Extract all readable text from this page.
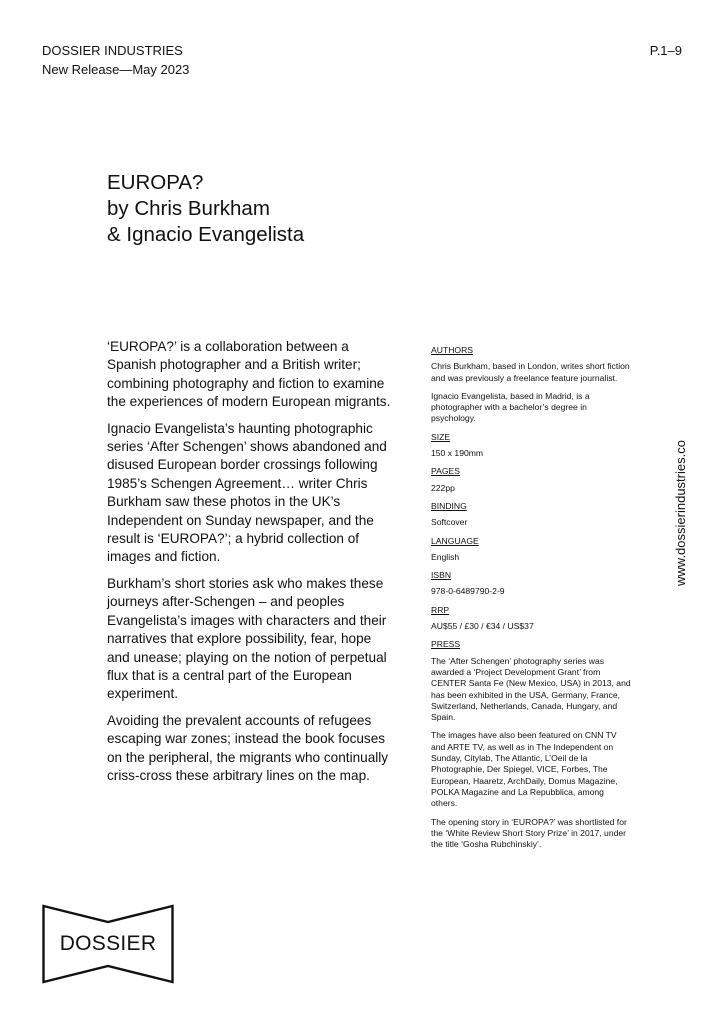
DOSSIER INDUSTRIES
New Release—May 2023
P.1–9
EUROPA?
by Chris Burkham
& Ignacio Evangelista

‘EUROPA?’ is a collaboration between a Spanish photographer and a British writer; combining photography and fiction to examine the experiences of modern European migrants.

Ignacio Evangelista’s haunting photographic series ‘After Schengen’ shows abandoned and disused European border crossings following 1985’s Schengen Agreement… writer Chris Burkham saw these photos in the UK’s Independent on Sunday newspaper, and the result is ‘EUROPA?’; a hybrid collection of images and fiction.

Burkham’s short stories ask who makes these journeys after-Schengen – and peoples Evangelista’s images with characters and their narratives that explore possibility, fear, hope and unease; playing on the notion of perpetual flux that is a central part of the European experiment.

Avoiding the prevalent accounts of refugees escaping war zones; instead the book focuses on the peripheral, the migrants who continually criss-cross these arbitrary lines on the map.

AUTHORS
Chris Burkham, based in London, writes short fiction and was previously a freelance feature journalist.
Ignacio Evangelista, based in Madrid, is a photographer with a bachelor’s degree in psychology.
SIZE
150 x 190mm
PAGES
222pp
BINDING
Softcover
LANGUAGE
English
ISBN
978-0-6489790-2-9
RRP
AU$55 / £30 / €34 / US$37
PRESS
The ‘After Schengen’ photography series was awarded a ‘Project Development Grant’ from CENTER Santa Fe (New Mexico, USA) in 2013, and has been exhibited in the USA, Germany, France, Switzerland, Netherlands, Canada, Hungary, and Spain.
The images have also been featured on CNN TV and ARTE TV, as well as in The Independent on Sunday, Citylab, The Atlantic, L’Oeil de la Photographie, Der Spiegel, VICE, Forbes, The European, Haaretz, ArchDaily, Domus Magazine, POLKA Magazine and La Repubblica, among others.
The opening story in ‘EUROPA?’ was shortlisted for the ‘White Review Short Story Prize’ in 2017, under the title ‘Gosha Rubchinskiy’.
www.dossierindustries.co
DOSSIER
